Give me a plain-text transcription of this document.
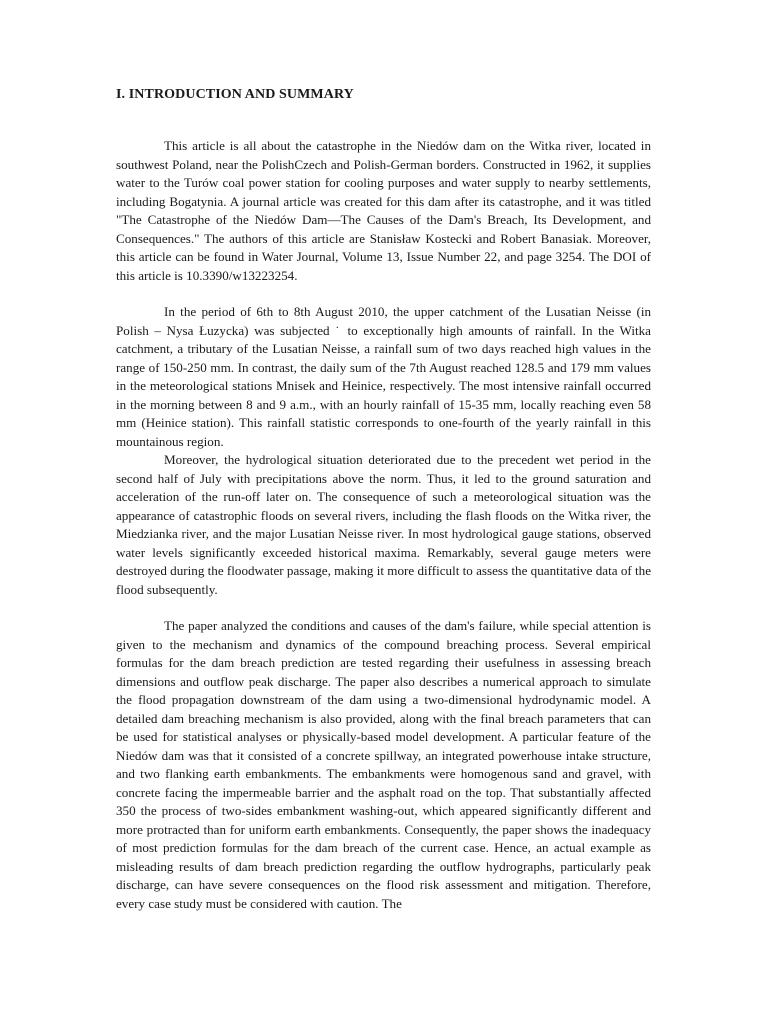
I. INTRODUCTION AND SUMMARY

This article is all about the catastrophe in the Niedów dam on the Witka river, located in southwest Poland, near the PolishCzech and Polish-German borders. Constructed in 1962, it supplies water to the Turów coal power station for cooling purposes and water supply to nearby settlements, including Bogatynia. A journal article was created for this dam after its catastrophe, and it was titled "The Catastrophe of the Niedów Dam—The Causes of the Dam's Breach, Its Development, and Consequences." The authors of this article are Stanisław Kostecki and Robert Banasiak. Moreover, this article can be found in Water Journal, Volume 13, Issue Number 22, and page 3254. The DOI of this article is 10.3390/w13223254.

In the period of 6th to 8th August 2010, the upper catchment of the Lusatian Neisse (in Polish – Nysa Łuzycka) was subjected ˙ to exceptionally high amounts of rainfall. In the Witka catchment, a tributary of the Lusatian Neisse, a rainfall sum of two days reached high values in the range of 150-250 mm. In contrast, the daily sum of the 7th August reached 128.5 and 179 mm values in the meteorological stations Mnisek and Heinice, respectively. The most intensive rainfall occurred in the morning between 8 and 9 a.m., with an hourly rainfall of 15-35 mm, locally reaching even 58 mm (Heinice station). This rainfall statistic corresponds to one-fourth of the yearly rainfall in this mountainous region.

Moreover, the hydrological situation deteriorated due to the precedent wet period in the second half of July with precipitations above the norm. Thus, it led to the ground saturation and acceleration of the run-off later on. The consequence of such a meteorological situation was the appearance of catastrophic floods on several rivers, including the flash floods on the Witka river, the Miedzianka river, and the major Lusatian Neisse river. In most hydrological gauge stations, observed water levels significantly exceeded historical maxima. Remarkably, several gauge meters were destroyed during the floodwater passage, making it more difficult to assess the quantitative data of the flood subsequently.

The paper analyzed the conditions and causes of the dam's failure, while special attention is given to the mechanism and dynamics of the compound breaching process. Several empirical formulas for the dam breach prediction are tested regarding their usefulness in assessing breach dimensions and outflow peak discharge. The paper also describes a numerical approach to simulate the flood propagation downstream of the dam using a two-dimensional hydrodynamic model. A detailed dam breaching mechanism is also provided, along with the final breach parameters that can be used for statistical analyses or physically-based model development. A particular feature of the Niedów dam was that it consisted of a concrete spillway, an integrated powerhouse intake structure, and two flanking earth embankments. The embankments were homogenous sand and gravel, with concrete facing the impermeable barrier and the asphalt road on the top. That substantially affected 350 the process of two-sides embankment washing-out, which appeared significantly different and more protracted than for uniform earth embankments. Consequently, the paper shows the inadequacy of most prediction formulas for the dam breach of the current case. Hence, an actual example as misleading results of dam breach prediction regarding the outflow hydrographs, particularly peak discharge, can have severe consequences on the flood risk assessment and mitigation. Therefore, every case study must be considered with caution. The
